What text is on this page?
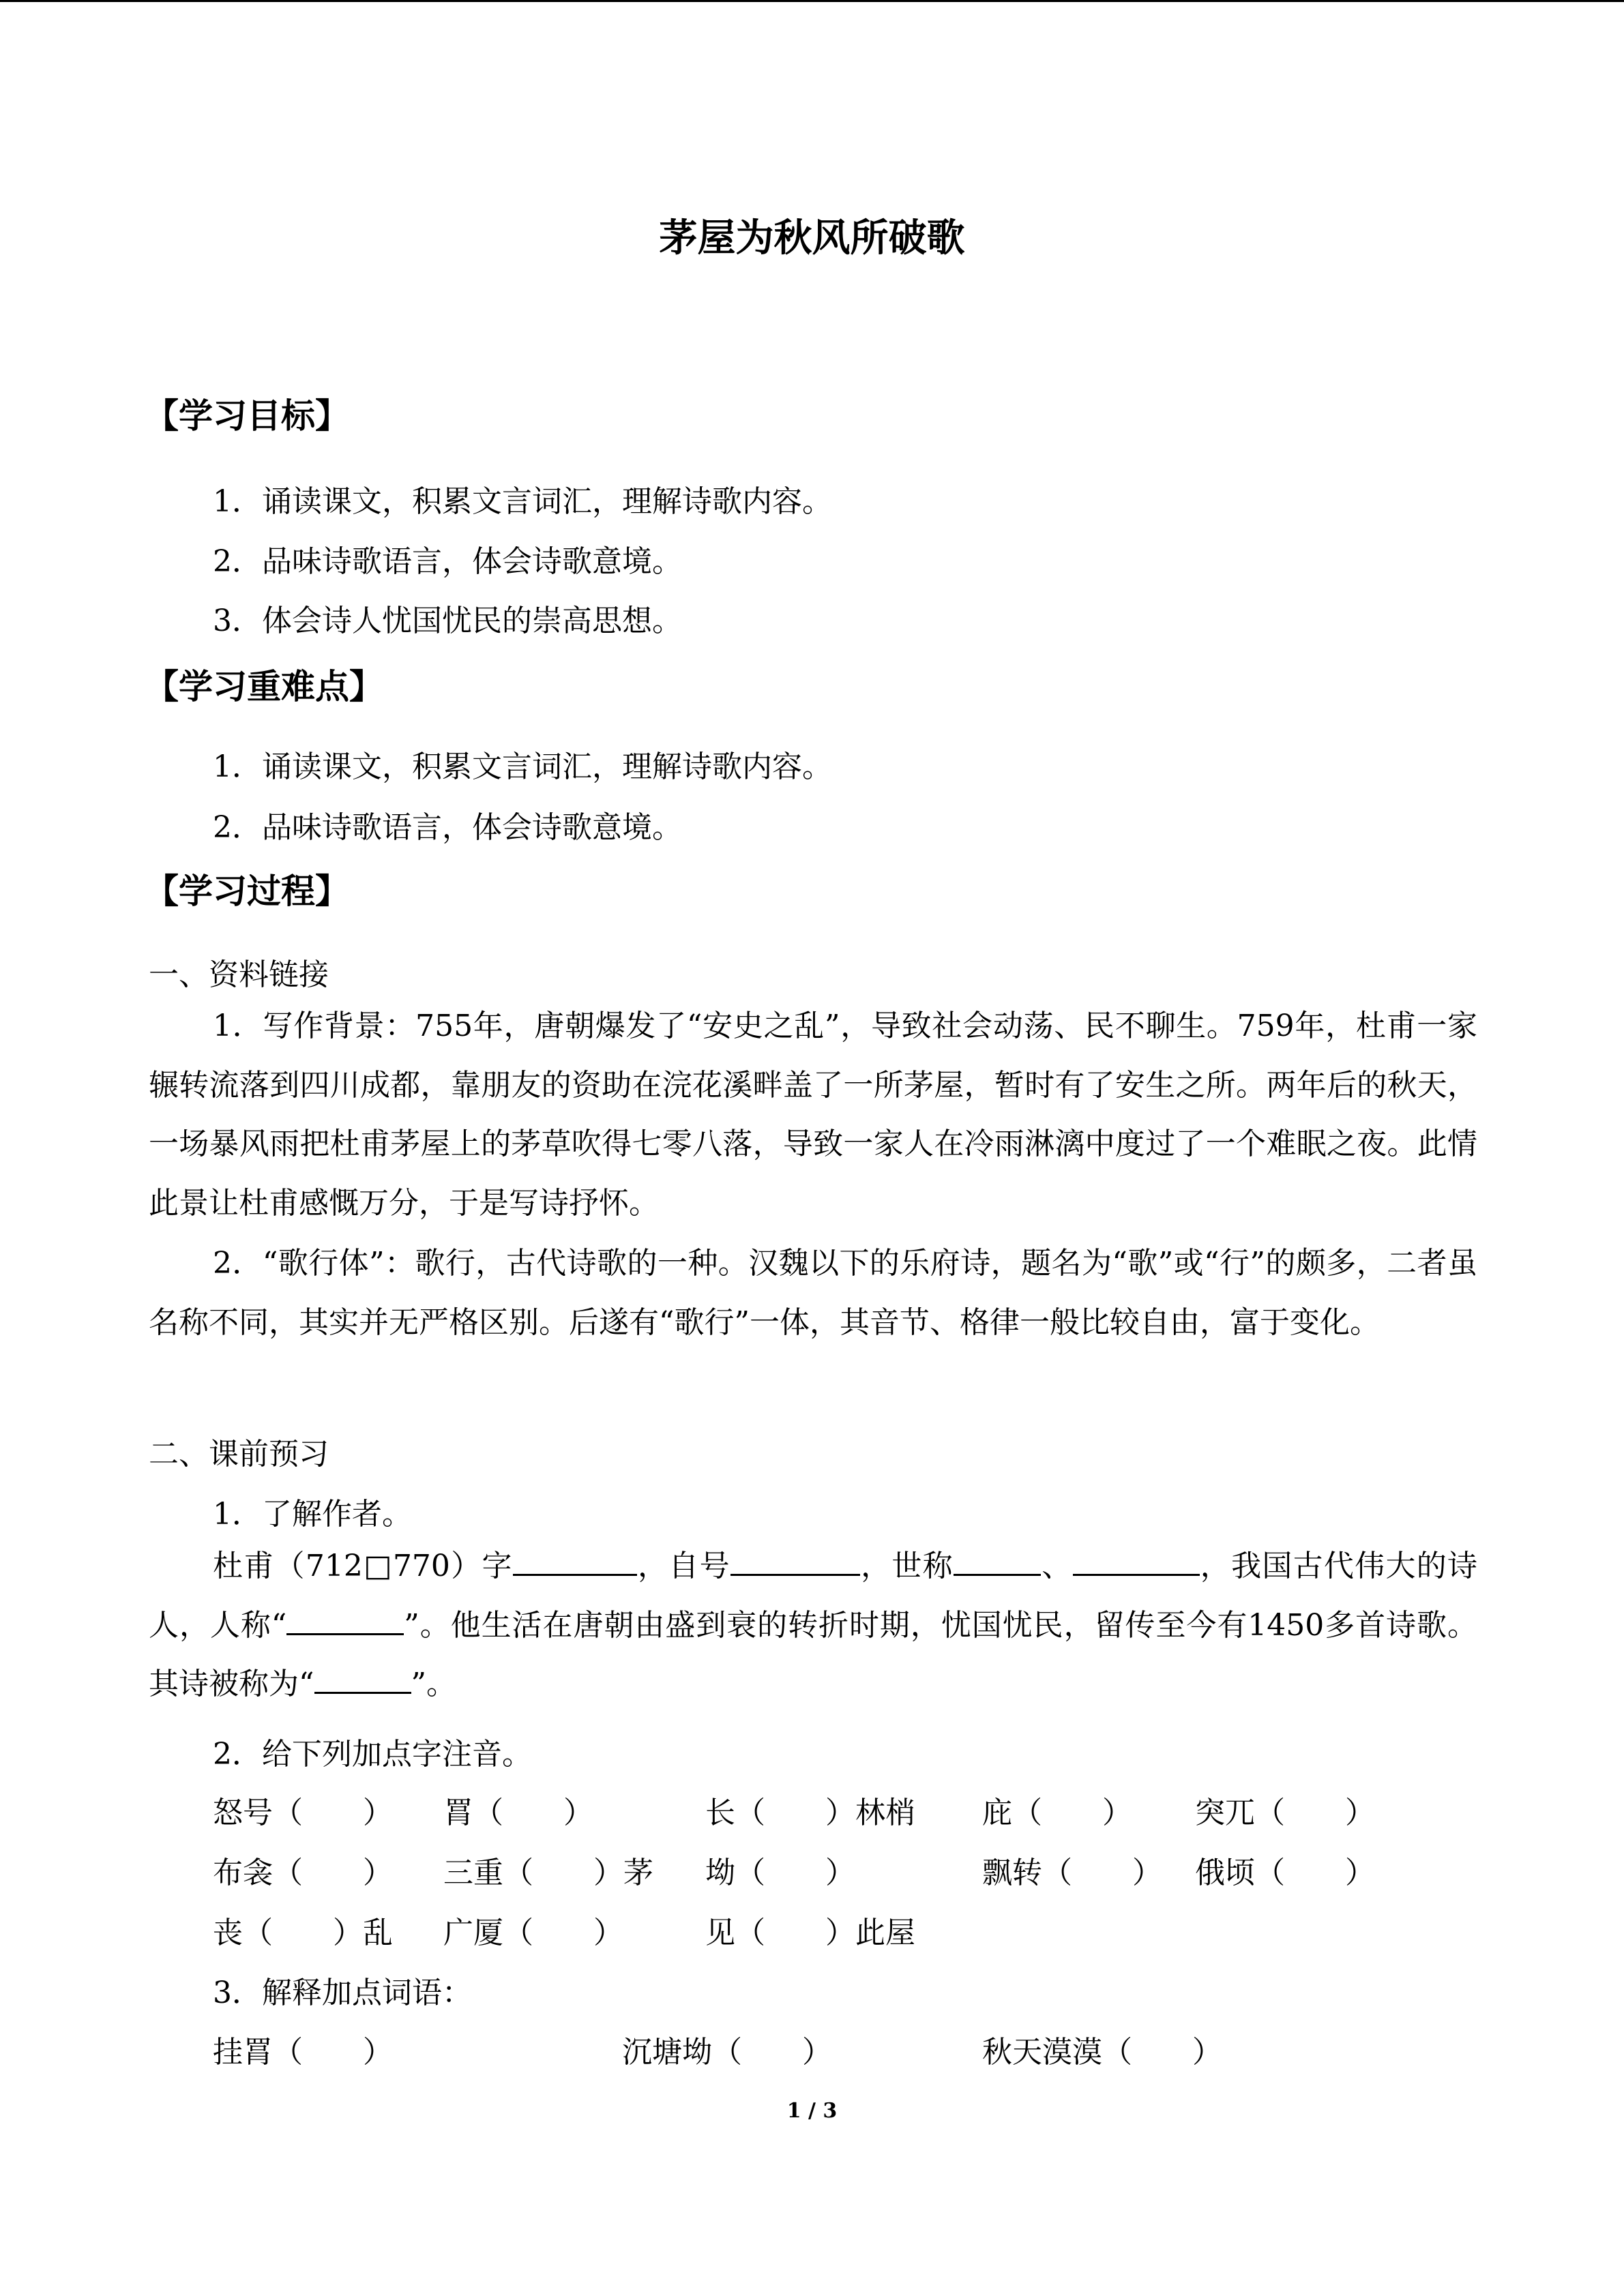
茅屋为秋风所破歌
【学习目标】
1．诵读课文，积累文言词汇，理解诗歌内容。
2．品味诗歌语言，体会诗歌意境。
3．体会诗人忧国忧民的崇高思想。
【学习重难点】
1．诵读课文，积累文言词汇，理解诗歌内容。
2．品味诗歌语言，体会诗歌意境。
【学习过程】
一、资料链接
1．写作背景：755年，唐朝爆发了“安史之乱”，导致社会动荡、民不聊生。759年，杜甫一家辗转流落到四川成都，靠朋友的资助在浣花溪畔盖了一所茅屋，暂时有了安生之所。两年后的秋天，一场暴风雨把杜甫茅屋上的茅草吹得七零八落，导致一家人在冷雨淋漓中度过了一个难眠之夜。此情此景让杜甫感慨万分，于是写诗抒怀。
2．“歌行体”：歌行，古代诗歌的一种。汉魏以下的乐府诗，题名为“歌”或“行”的颇多，二者虽名称不同，其实并无严格区别。后遂有“歌行”一体，其音节、格律一般比较自由，富于变化。
二、课前预习
1．了解作者。
杜甫（712□770）字	，自号	，世称	、	，我国古代伟大的诗人，人称“	”。他生活在唐朝由盛到衰的转折时期，忧国忧民，留传至今有1450多首诗歌。其诗被称为“	”。
2．给下列加点字注音。
怒号（　　） 罥（　　）	长（　　）林梢 庇（　　） 突兀（　　）
布衾（　　） 三重（　　）茅 坳（　　）	飘转（　　） 俄顷（　　）
丧（　　）乱 广厦（　　）	见（　　）此屋
3．解释加点词语：
挂罥（　　）	沉塘坳（　　）	秋天漠漠（　　）
1 / 3
